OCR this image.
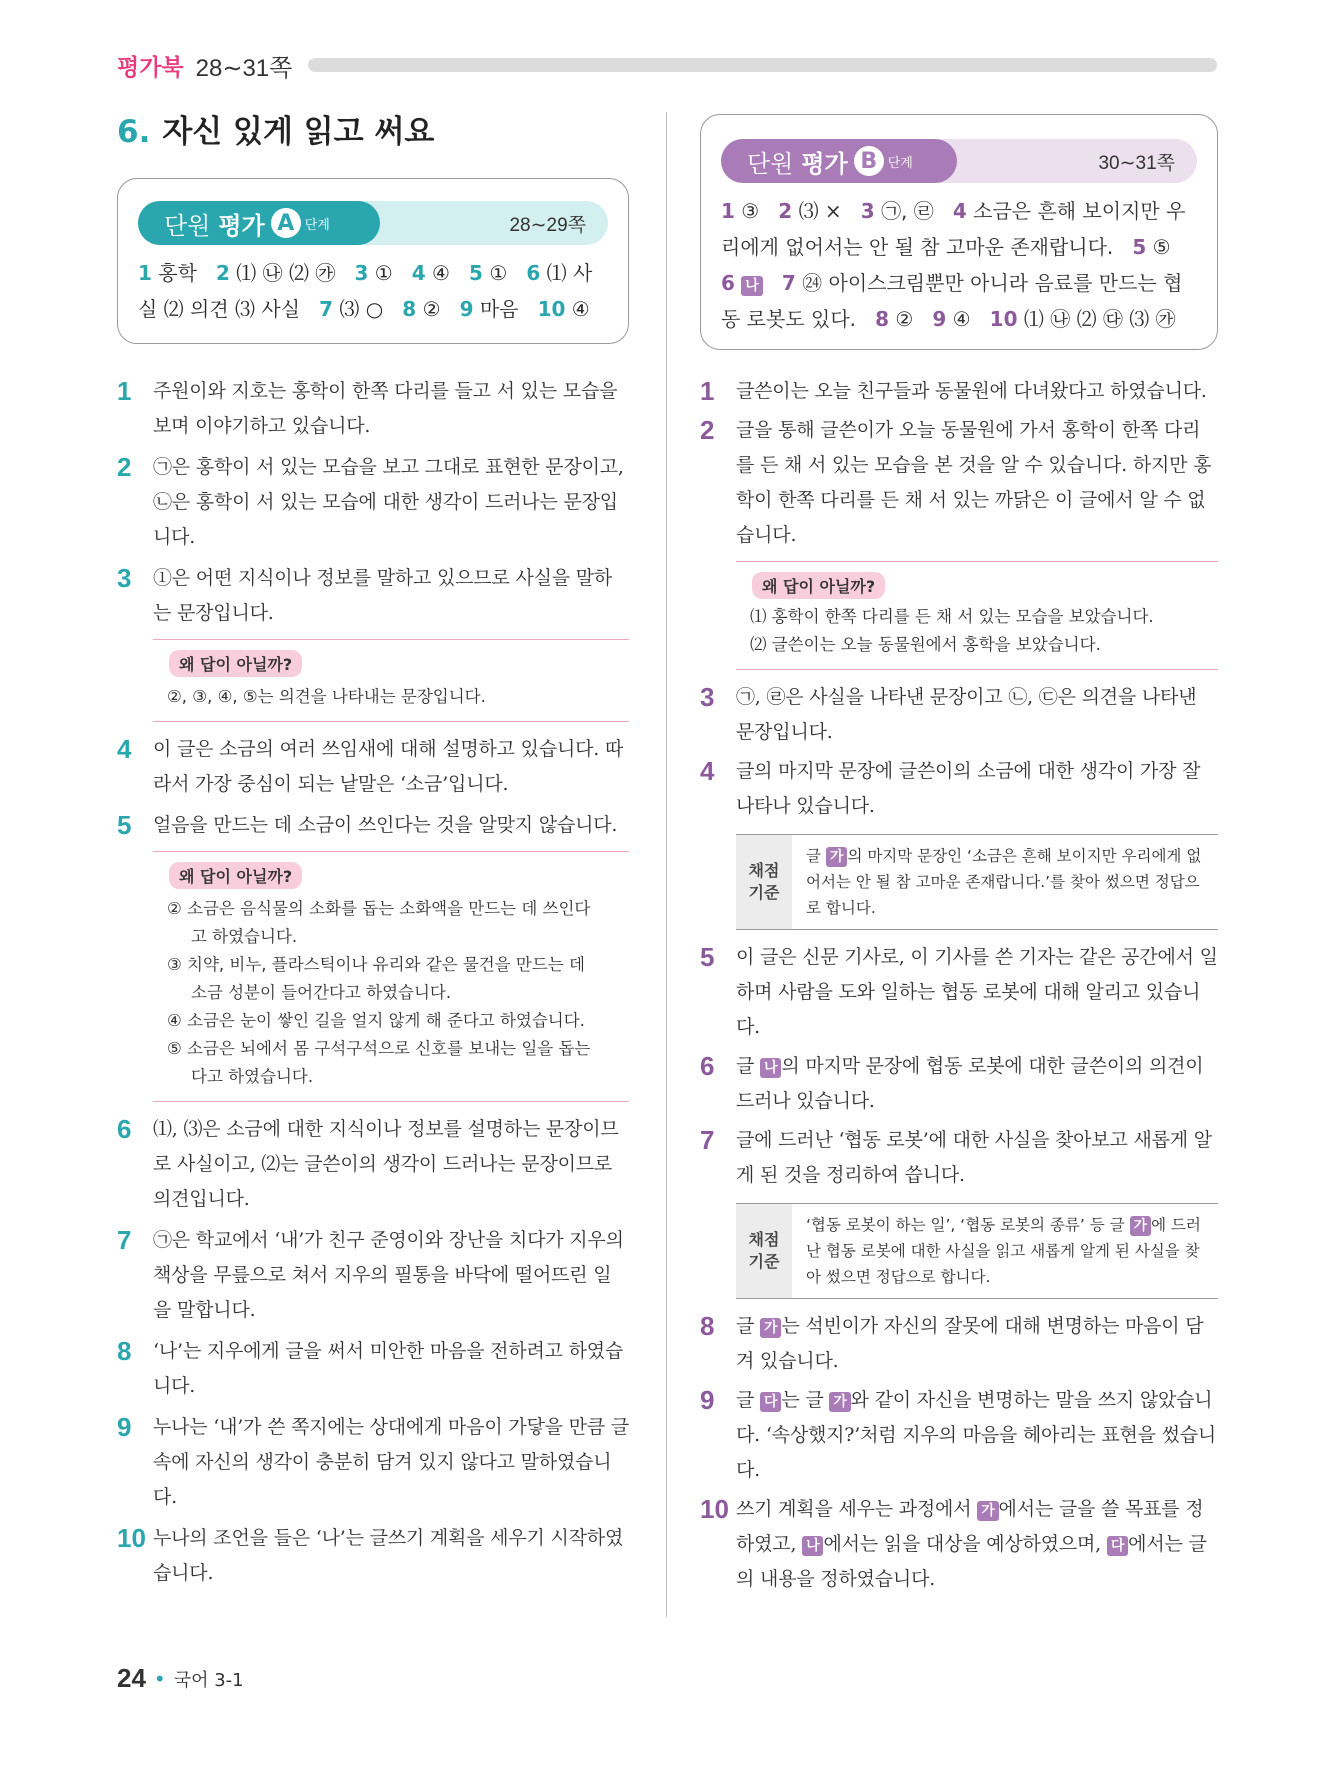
평가북 28∼31쪽
6. 자신 있게 읽고 써요
단원 평가 A 단계	28∼29쪽
1 홍학 2 ⑴ ㉯ ⑵ ㉮ 3 ① 4 ④ 5 ① 6 ⑴ 사실 ⑵ 의견 ⑶ 사실 7 ⑶ ○ 8 ② 9 마음 10 ④
1	주원이와 지호는 홍학이 한쪽 다리를 들고 서 있는 모습을 보며 이야기하고 있습니다.
2	㉠은 홍학이 서 있는 모습을 보고 그대로 표현한 문장이고, ㉡은 홍학이 서 있는 모습에 대한 생각이 드러나는 문장입니다.
3	①은 어떤 지식이나 정보를 말하고 있으므로 사실을 말하는 문장입니다.
왜 답이 아닐까?
②, ③, ④, ⑤는 의견을 나타내는 문장입니다.
4	이 글은 소금의 여러 쓰임새에 대해 설명하고 있습니다. 따라서 가장 중심이 되는 낱말은 ‘소금’입니다.
5	얼음을 만드는 데 소금이 쓰인다는 것을 알맞지 않습니다.
왜 답이 아닐까?
② 소금은 음식물의 소화를 돕는 소화액을 만드는 데 쓰인다
고 하였습니다.
③ 치약, 비누, 플라스틱이나 유리와 같은 물건을 만드는 데
소금 성분이 들어간다고 하였습니다.
④ 소금은 눈이 쌓인 길을 얼지 않게 해 준다고 하였습니다.
⑤ 소금은 뇌에서 몸 구석구석으로 신호를 보내는 일을 돕는
다고 하였습니다.
6	⑴, ⑶은 소금에 대한 지식이나 정보를 설명하는 문장이므로 사실이고, ⑵는 글쓴이의 생각이 드러나는 문장이므로 의견입니다.
7	㉠은 학교에서 ‘내’가 친구 준영이와 장난을 치다가 지우의 책상을 무릎으로 쳐서 지우의 필통을 바닥에 떨어뜨린 일을 말합니다.
8	‘나’는 지우에게 글을 써서 미안한 마음을 전하려고 하였습니다.
9	누나는 ‘내’가 쓴 쪽지에는 상대에게 마음이 가닿을 만큼 글 속에 자신의 생각이 충분히 담겨 있지 않다고 말하였습니다.
10 누나의 조언을 들은 ‘나’는 글쓰기 계획을 세우기 시작하였습니다.
단원 평가 B 단계	30∼31쪽
1 ③ 2 ⑶ × 3 ㉠, ㉣ 4 소금은 흔해 보이지만 우리에게 없어서는 안 될 참 고마운 존재랍니다. 5 ⑤   6 나 7 ㉔ 아이스크림뿐만 아니라 음료를 만드는 협동 로봇도 있다. 8 ② 9 ④ 10 ⑴ ㉯ ⑵ ㉰ ⑶ ㉮
1	글쓴이는 오늘 친구들과 동물원에 다녀왔다고 하였습니다.
2	글을 통해 글쓴이가 오늘 동물원에 가서 홍학이 한쪽 다리를 든 채 서 있는 모습을 본 것을 알 수 있습니다. 하지만 홍학이 한쪽 다리를 든 채 서 있는 까닭은 이 글에서 알 수 없습니다.
왜 답이 아닐까?
⑴ 홍학이 한쪽 다리를 든 채 서 있는 모습을 보았습니다.
⑵ 글쓴이는 오늘 동물원에서 홍학을 보았습니다.
3	㉠, ㉣은 사실을 나타낸 문장이고 ㉡, ㉢은 의견을 나타낸 문장입니다.
4	글의 마지막 문장에 글쓴이의 소금에 대한 생각이 가장 잘 나타나 있습니다.
채점
기준
글 가 의 마지막 문장인 ‘소금은 흔해 보이지만 우리에게 없어서는 안 될 참 고마운 존재랍니다.’를 찾아 썼으면 정답으로 합니다.
5	이 글은 신문 기사로, 이 기사를 쓴 기자는 같은 공간에서 일하며 사람을 도와 일하는 협동 로봇에 대해 알리고 있습니다.
6	글 나 의 마지막 문장에 협동 로봇에 대한 글쓴이의 의견이 드러나 있습니다.
7	글에 드러난 ‘협동 로봇’에 대한 사실을 찾아보고 새롭게 알게 된 것을 정리하여 씁니다.
채점
기준
‘협동 로봇이 하는 일’, ‘협동 로봇의 종류’ 등 글 가 에 드러난 협동 로봇에 대한 사실을 읽고 새롭게 알게 된 사실을 찾아 썼으면 정답으로 합니다.
8	글 가 는 석빈이가 자신의 잘못에 대해 변명하는 마음이 담겨 있습니다.
9	글 다 는 글 가 와 같이 자신을 변명하는 말을 쓰지 않았습니다. ‘속상했지?’처럼 지우의 마음을 헤아리는 표현을 썼습니다.
10 쓰기 계획을 세우는 과정에서 가 에서는 글을 쓸 목표를 정하였고, 나 에서는 읽을 대상을 예상하였으며, 다 에서는 글의 내용을 정하였습니다.
24 • 국어 3-1
